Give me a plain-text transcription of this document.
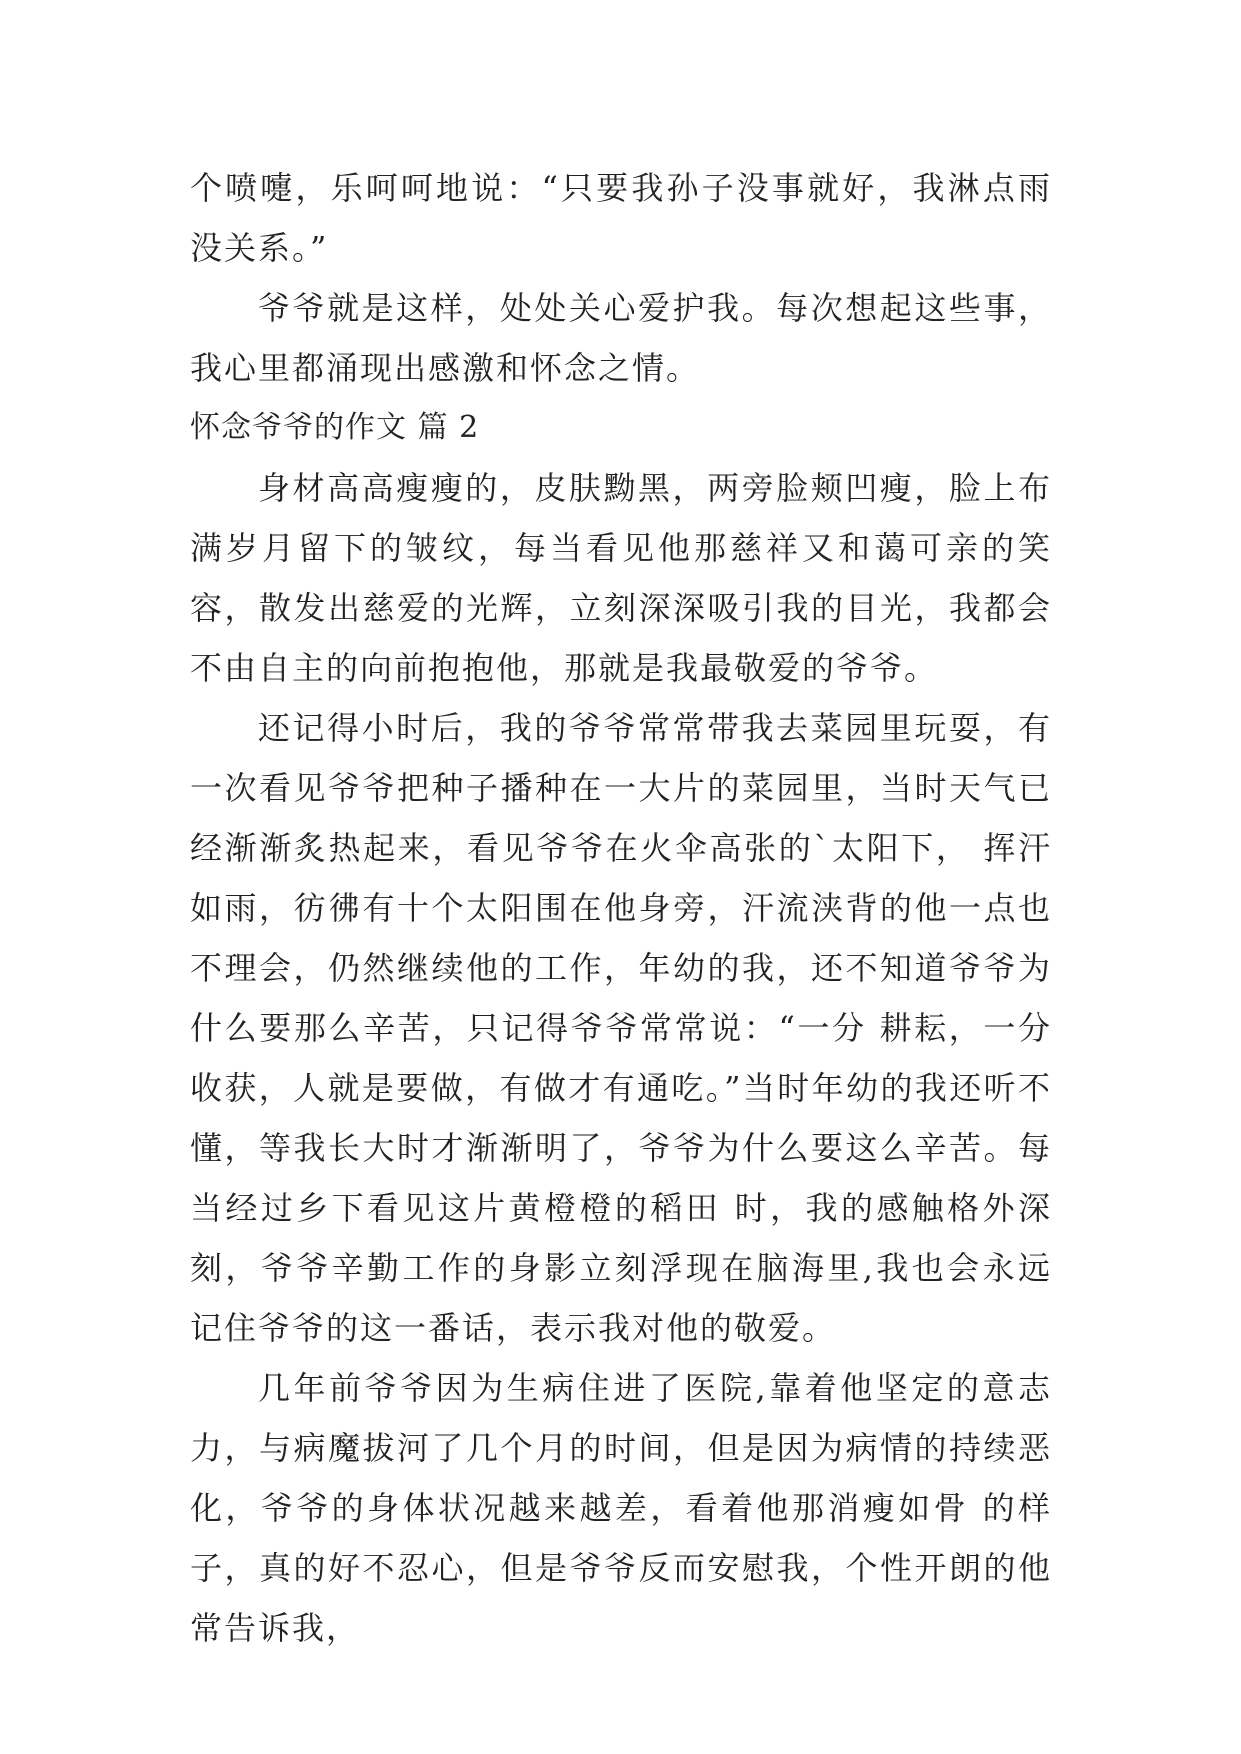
个喷嚏，乐呵呵地说：“只要我孙子没事就好，我淋点雨没关系。”

爷爷就是这样，处处关心爱护我。每次想起这些事，我心里都涌现出感激和怀念之情。

怀念爷爷的作文 篇 2

身材高高瘦瘦的，皮肤黝黑，两旁脸颊凹瘦，脸上布满岁月留下的皱纹，每当看见他那慈祥又和蔼可亲的笑容，散发出慈爱的光辉，立刻深深吸引我的目光，我都会不由自主的向前抱抱他，那就是我最敬爱的爷爷。

还记得小时后，我的爷爷常常带我去菜园里玩耍，有一次看见爷爷把种子播种在一大片的菜园里，当时天气已经渐渐炙热起来，看见爷爷在火伞高张的`太阳下， 挥汗如雨，彷彿有十个太阳围在他身旁，汗流浃背的他一点也不理会，仍然继续他的工作，年幼的我，还不知道爷爷为什么要那么辛苦，只记得爷爷常常说：“一分 耕耘，一分收获，人就是要做，有做才有通吃。”当时年幼的我还听不懂，等我长大时才渐渐明了，爷爷为什么要这么辛苦。每当经过乡下看见这片黄橙橙的稻田 时，我的感触格外深刻，爷爷辛勤工作的身影立刻浮现在脑海里,我也会永远记住爷爷的这一番话，表示我对他的敬爱。

几年前爷爷因为生病住进了医院,靠着他坚定的意志力，与病魔拔河了几个月的时间，但是因为病情的持续恶化，爷爷的身体状况越来越差，看着他那消瘦如骨 的样子，真的好不忍心，但是爷爷反而安慰我，个性开朗的他常告诉我，
